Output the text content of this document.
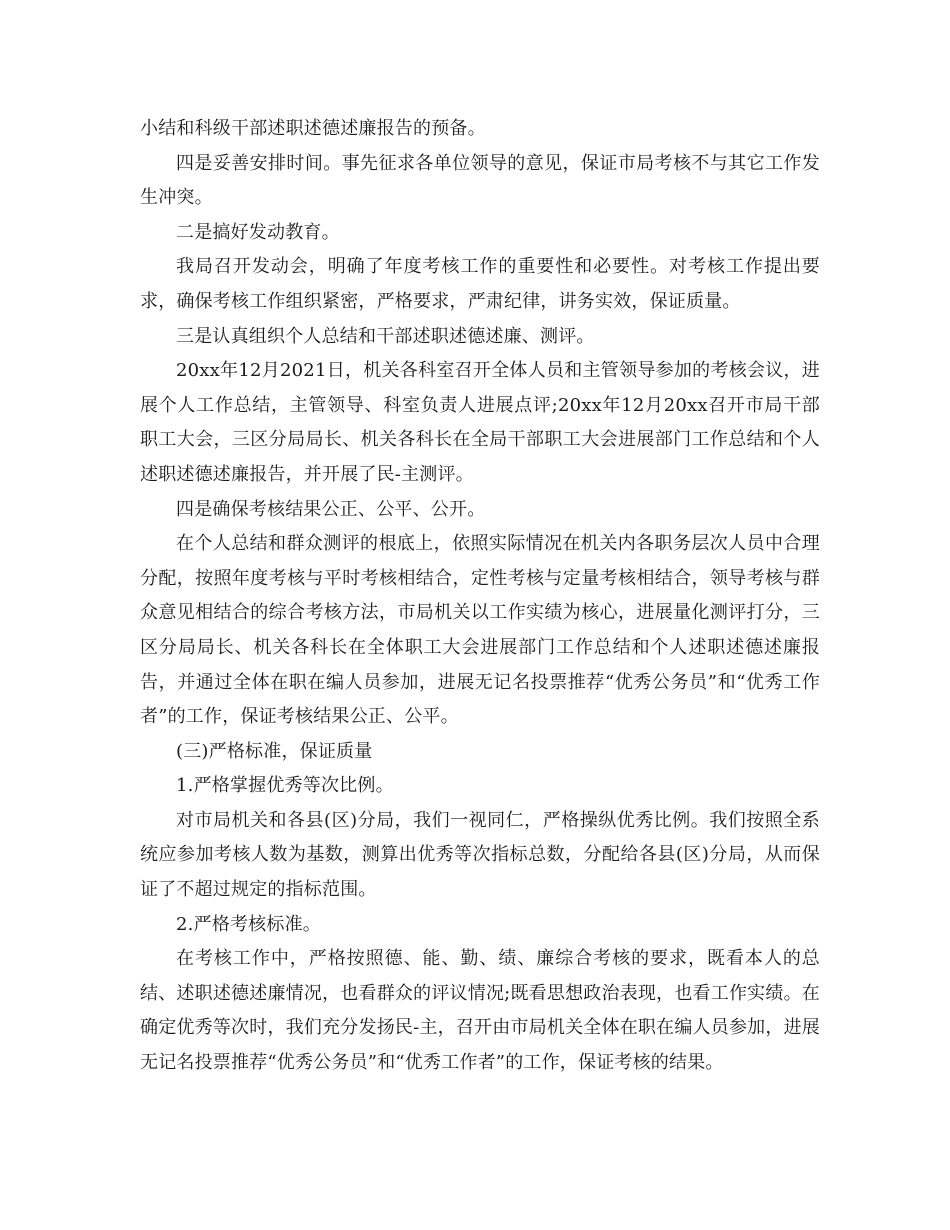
小结和科级干部述职述德述廉报告的预备。

四是妥善安排时间。事先征求各单位领导的意见，保证市局考核不与其它工作发生冲突。

二是搞好发动教育。

我局召开发动会，明确了年度考核工作的重要性和必要性。对考核工作提出要求，确保考核工作组织紧密，严格要求，严肃纪律，讲务实效，保证质量。

三是认真组织个人总结和干部述职述德述廉、测评。

20xx年12月2021日，机关各科室召开全体人员和主管领导参加的考核会议，进展个人工作总结，主管领导、科室负责人进展点评;20xx年12月20xx召开市局干部职工大会，三区分局局长、机关各科长在全局干部职工大会进展部门工作总结和个人述职述德述廉报告，并开展了民-主测评。

四是确保考核结果公正、公平、公开。

在个人总结和群众测评的根底上，依照实际情况在机关内各职务层次人员中合理分配，按照年度考核与平时考核相结合，定性考核与定量考核相结合，领导考核与群众意见相结合的综合考核方法，市局机关以工作实绩为核心，进展量化测评打分，三区分局局长、机关各科长在全体职工大会进展部门工作总结和个人述职述德述廉报告，并通过全体在职在编人员参加，进展无记名投票推荐“优秀公务员”和“优秀工作者”的工作，保证考核结果公正、公平。

(三)严格标准，保证质量

1.严格掌握优秀等次比例。

对市局机关和各县(区)分局，我们一视同仁，严格操纵优秀比例。我们按照全系统应参加考核人数为基数，测算出优秀等次指标总数，分配给各县(区)分局，从而保证了不超过规定的指标范围。

2.严格考核标准。

在考核工作中，严格按照德、能、勤、绩、廉综合考核的要求，既看本人的总结、述职述德述廉情况，也看群众的评议情况;既看思想政治表现，也看工作实绩。在确定优秀等次时，我们充分发扬民-主，召开由市局机关全体在职在编人员参加，进展无记名投票推荐“优秀公务员”和“优秀工作者”的工作，保证考核的结果。
